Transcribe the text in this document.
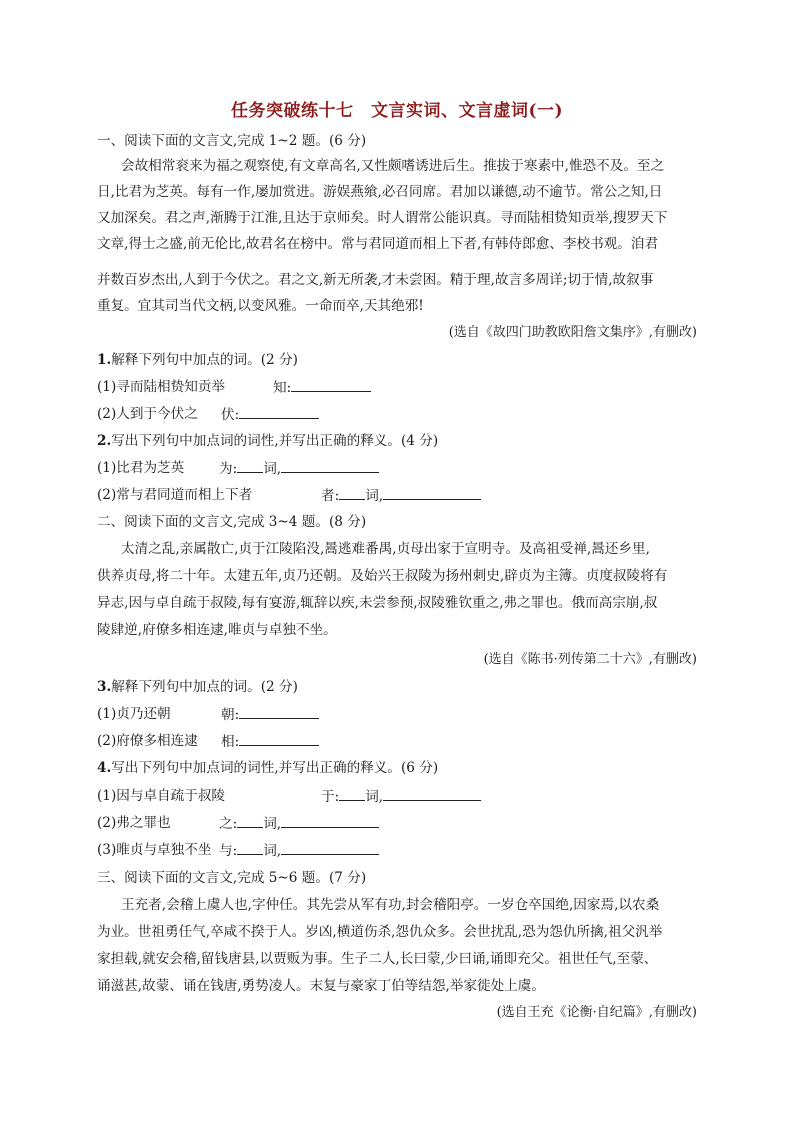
任务突破练十七　文言实词、文言虚词(一)
一、阅读下面的文言文,完成 1~2 题。(6 分)
会故相常衮来为福之观察使,有文章高名,又性颇嗜诱进后生。推拔于寒素中,惟恐不及。至之
日,比君为芝英。每有一作,屡加赏进。游娱燕飨,必召同席。君加以谦德,动不逾节。常公之知,日
又加深矣。君之声,渐腾于江淮,且达于京师矣。时人谓常公能识真。寻而陆相贽知贡举,搜罗天下
文章,得士之盛,前无伦比,故君名在榜中。常与君同道而相上下者,有韩侍郎愈、李校书观。洎君
并数百岁杰出,人到于今伏之。君之文,新无所袭,才未尝困。精于理,故言多周详;切于情,故叙事
重复。宜其司当代文柄,以变风雅。一命而卒,天其绝邪!
(选自《故四门助教欧阳詹文集序》,有删改)
1.解释下列句中加点的词。(2 分)
(1)寻而陆相贽知贡举	知:
(2)人到于今伏之 伏:
2.写出下列句中加点词的词性,并写出正确的释义。(4 分)
(1)比君为芝英	为: 词,
(2)常与君同道而相上下者	者: 词,
二、阅读下面的文言文,完成 3~4 题。(8 分)
太清之乱,亲属散亡,贞于江陵陷没,暠逃难番禺,贞母出家于宣明寺。及高祖受禅,暠还乡里,
供养贞母,将二十年。太建五年,贞乃还朝。及始兴王叔陵为扬州刺史,辟贞为主簿。贞度叔陵将有
异志,因与卓自疏于叔陵,每有宴游,辄辞以疾,未尝参预,叔陵雅钦重之,弗之罪也。俄而高宗崩,叔
陵肆逆,府僚多相连逮,唯贞与卓独不坐。
(选自《陈书·列传第二十六》,有删改)
3.解释下列句中加点的词。(2 分)
(1)贞乃还朝	朝:
(2)府僚多相连逮 相:
4.写出下列句中加点词的词性,并写出正确的释义。(6 分)
(1)因与卓自疏于叔陵	于: 词,
(2)弗之罪也	之: 词,
(3)唯贞与卓独不坐 与: 词,
三、阅读下面的文言文,完成 5~6 题。(7 分)
王充者,会稽上虞人也,字仲任。其先尝从军有功,封会稽阳亭。一岁仓卒国绝,因家焉,以农桑
为业。世祖勇任气,卒咸不揆于人。岁凶,横道伤杀,怨仇众多。会世扰乱,恐为怨仇所擒,祖父汎举
家担载,就安会稽,留钱唐县,以贾贩为事。生子二人,长曰蒙,少曰诵,诵即充父。祖世任气,至蒙、
诵滋甚,故蒙、诵在钱唐,勇势凌人。末复与豪家丁伯等结怨,举家徙处上虞。
(选自王充《论衡·自纪篇》,有删改)
